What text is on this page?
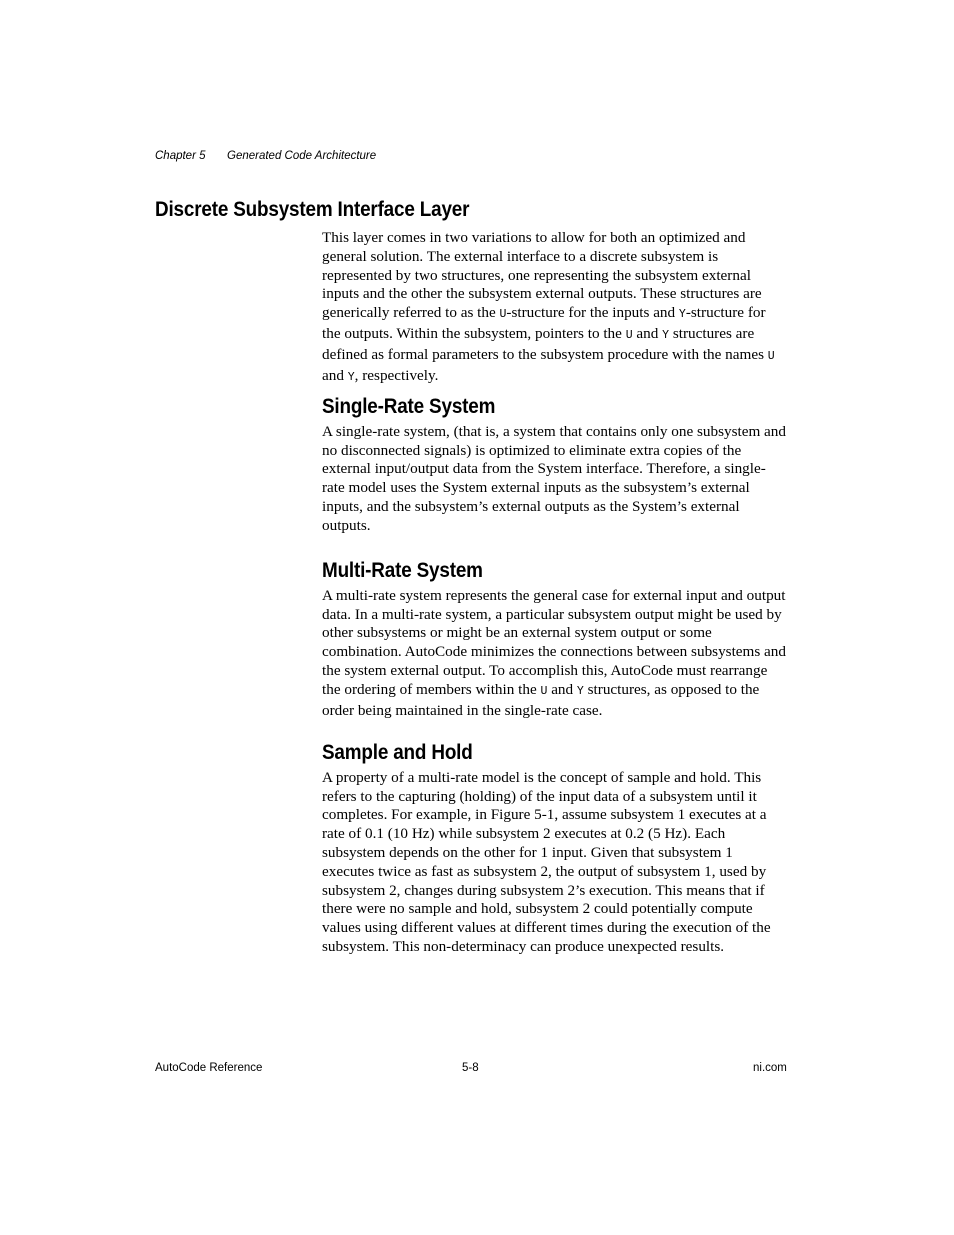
Chapter 5 Generated Code Architecture
Discrete Subsystem Interface Layer

This layer comes in two variations to allow for both an optimized and general solution. The external interface to a discrete subsystem is represented by two structures, one representing the subsystem external inputs and the other the subsystem external outputs. These structures are generically referred to as the U-structure for the inputs and Y-structure for the outputs. Within the subsystem, pointers to the U and Y structures are defined as formal parameters to the subsystem procedure with the names U and Y, respectively.

Single-Rate System

A single-rate system, (that is, a system that contains only one subsystem and no disconnected signals) is optimized to eliminate extra copies of the external input/output data from the System interface. Therefore, a single-rate model uses the System external inputs as the subsystem’s external inputs, and the subsystem’s external outputs as the System’s external outputs.

Multi-Rate System

A multi-rate system represents the general case for external input and output data. In a multi-rate system, a particular subsystem output might be used by other subsystems or might be an external system output or some combination. AutoCode minimizes the connections between subsystems and the system external output. To accomplish this, AutoCode must rearrange the ordering of members within the U and Y structures, as opposed to the order being maintained in the single-rate case.

Sample and Hold

A property of a multi-rate model is the concept of sample and hold. This refers to the capturing (holding) of the input data of a subsystem until it completes. For example, in Figure 5-1, assume subsystem 1 executes at a rate of 0.1 (10 Hz) while subsystem 2 executes at 0.2 (5 Hz). Each subsystem depends on the other for 1 input. Given that subsystem 1 executes twice as fast as subsystem 2, the output of subsystem 1, used by subsystem 2, changes during subsystem 2’s execution. This means that if there were no sample and hold, subsystem 2 could potentially compute values using different values at different times during the execution of the subsystem. This non-determinacy can produce unexpected results.

AutoCode Reference	5-8	ni.com
